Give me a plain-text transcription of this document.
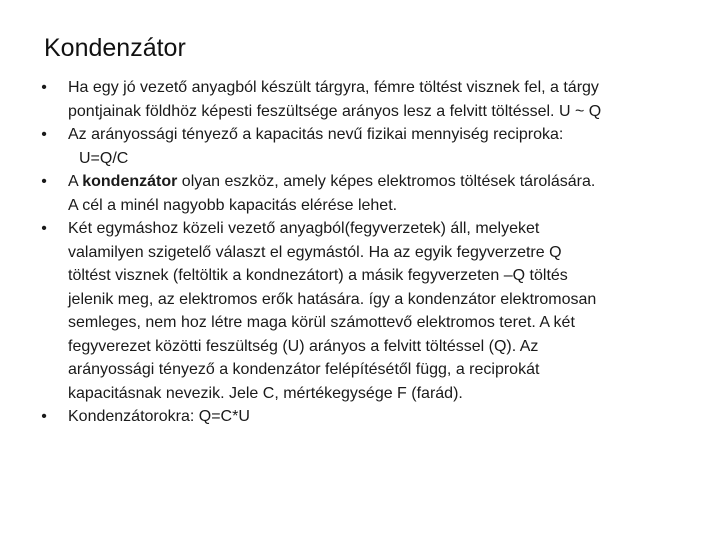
Kondenzátor
• Ha egy jó vezető anyagból készült tárgyra, fémre töltést visznek fel, a tárgy
pontjainak földhöz képesti feszültsége arányos lesz a felvitt töltéssel. U ~ Q
• Az arányossági tényező a kapacitás nevű fizikai mennyiség reciproka:
U=Q/C
• A kondenzátor olyan eszköz, amely képes elektromos töltések tárolására.
A cél a minél nagyobb kapacitás elérése lehet.
• Két egymáshoz közeli vezető anyagból(fegyverzetek) áll, melyeket
valamilyen szigetelő választ el egymástól. Ha az egyik fegyverzetre Q
töltést visznek (feltöltik a kondnezátort) a másik fegyverzeten –Q töltés
jelenik meg, az elektromos erők hatására. így a kondenzátor elektromosan
semleges, nem hoz létre maga körül számottevő elektromos teret. A két
fegyverezet közötti feszültség (U) arányos a felvitt töltéssel (Q). Az
arányossági tényező a kondenzátor felépítésétől függ, a reciprokát
kapacitásnak nevezik. Jele C, mértékegysége F (farád).
• Kondenzátorokra: Q=C*U
